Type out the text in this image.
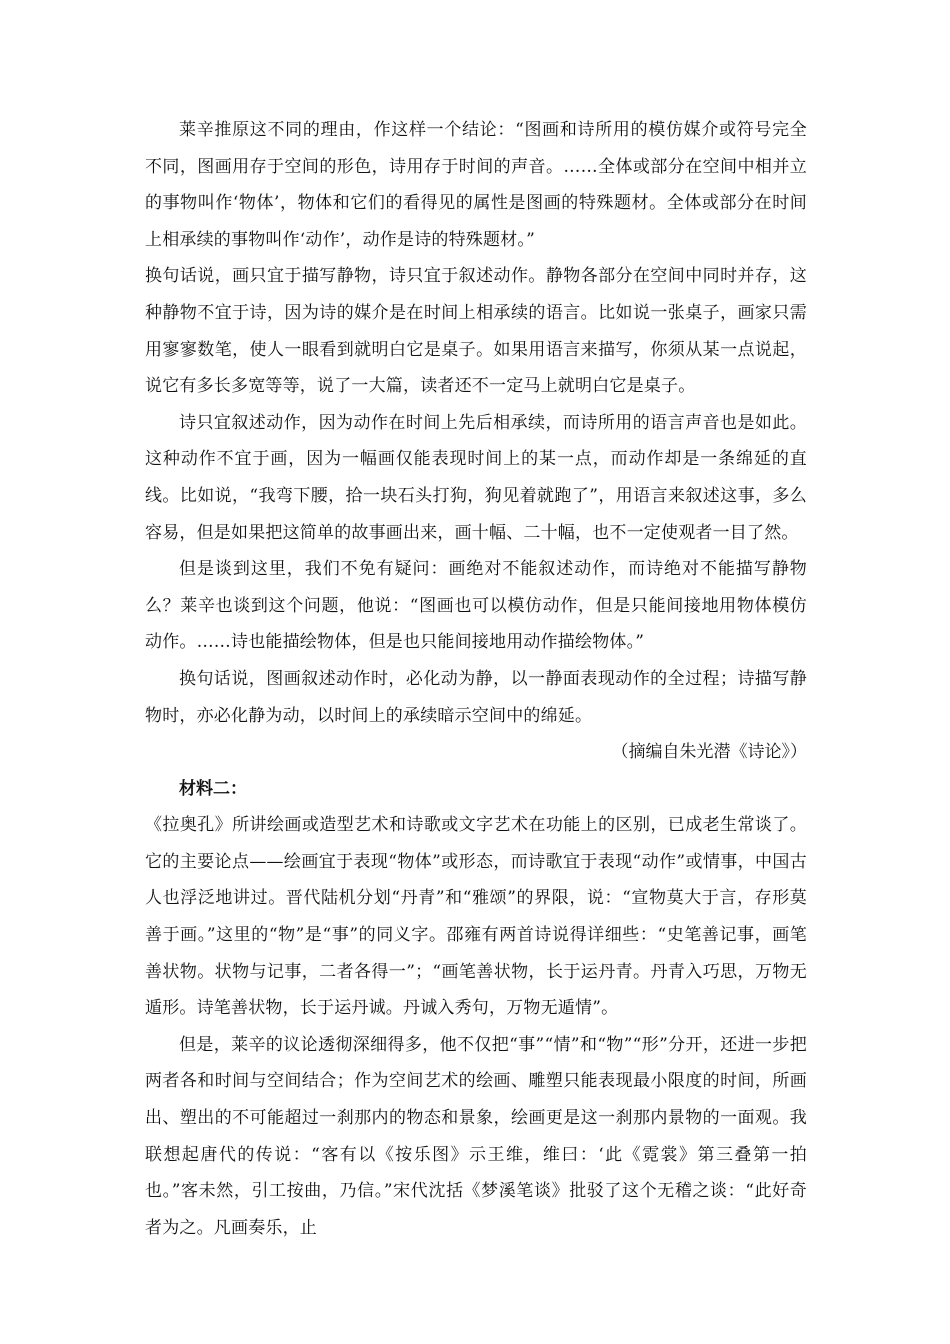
莱辛推原这不同的理由，作这样一个结论：“图画和诗所用的模仿媒介或符号完全不同，图画用存于空间的形色，诗用存于时间的声音。……全体或部分在空间中相并立的事物叫作‘物体’，物体和它们的看得见的属性是图画的特殊题材。全体或部分在时间上相承续的事物叫作‘动作’，动作是诗的特殊题材。”

换句话说，画只宜于描写静物，诗只宜于叙述动作。静物各部分在空间中同时并存，这种静物不宜于诗，因为诗的媒介是在时间上相承续的语言。比如说一张桌子，画家只需用寥寥数笔，使人一眼看到就明白它是桌子。如果用语言来描写，你须从某一点说起，说它有多长多宽等等，说了一大篇，读者还不一定马上就明白它是桌子。

诗只宜叙述动作，因为动作在时间上先后相承续，而诗所用的语言声音也是如此。这种动作不宜于画，因为一幅画仅能表现时间上的某一点，而动作却是一条绵延的直线。比如说，“我弯下腰，拾一块石头打狗，狗见着就跑了”，用语言来叙述这事，多么容易，但是如果把这简单的故事画出来，画十幅、二十幅，也不一定使观者一目了然。

但是谈到这里，我们不免有疑问：画绝对不能叙述动作，而诗绝对不能描写静物么？莱辛也谈到这个问题，他说：“图画也可以模仿动作，但是只能间接地用物体模仿动作。……诗也能描绘物体，但是也只能间接地用动作描绘物体。”

换句话说，图画叙述动作时，必化动为静，以一静面表现动作的全过程；诗描写静物时，亦必化静为动，以时间上的承续暗示空间中的绵延。

（摘编自朱光潜《诗论》）

材料二：

《拉奥孔》所讲绘画或造型艺术和诗歌或文字艺术在功能上的区别，已成老生常谈了。它的主要论点——绘画宜于表现“物体”或形态，而诗歌宜于表现“动作”或情事，中国古人也浮泛地讲过。晋代陆机分划“丹青”和“雅颂”的界限，说：“宣物莫大于言，存形莫善于画。”这里的“物”是“事”的同义字。邵雍有两首诗说得详细些：“史笔善记事，画笔善状物。状物与记事，二者各得一”；“画笔善状物，长于运丹青。丹青入巧思，万物无遁形。诗笔善状物，长于运丹诚。丹诚入秀句，万物无遁情”。

但是，莱辛的议论透彻深细得多，他不仅把“事”“情”和“物”“形”分开，还进一步把两者各和时间与空间结合；作为空间艺术的绘画、雕塑只能表现最小限度的时间，所画出、塑出的不可能超过一刹那内的物态和景象，绘画更是这一刹那内景物的一面观。我联想起唐代的传说：“客有以《按乐图》示王维，维曰：‘此《霓裳》第三叠第一拍也。”客未然，引工按曲，乃信。”宋代沈括《梦溪笔谈》批驳了这个无稽之谈：“此好奇者为之。凡画奏乐，止
